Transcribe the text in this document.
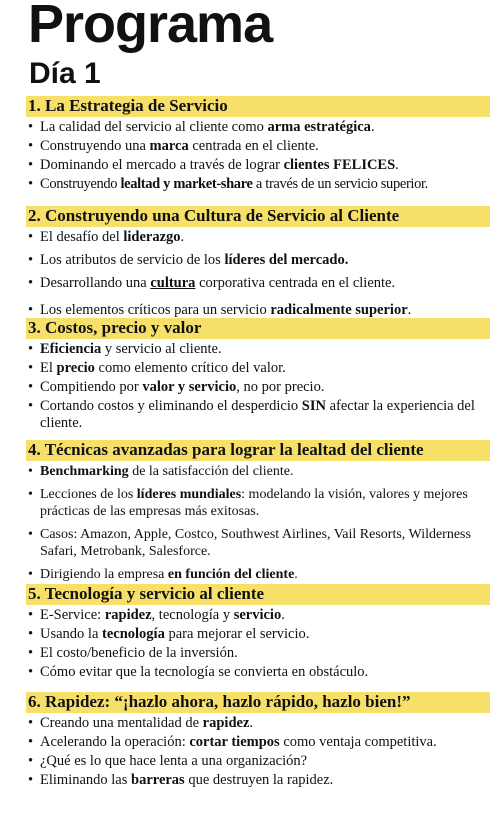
Programa
Día 1
1. La Estrategia de Servicio
• La calidad del servicio al cliente como arma estratégica.
• Construyendo una marca centrada en el cliente.
• Dominando el mercado a través de lograr clientes FELICES.
• Construyendo lealtad y market-share a través de un servicio superior.
2. Construyendo una Cultura de Servicio al Cliente
• El desafío del liderazgo.
• Los atributos de servicio de los líderes del mercado.
• Desarrollando una cultura corporativa centrada en el cliente.
• Los elementos críticos para un servicio radicalmente superior.
3. Costos, precio y valor
• Eficiencia y servicio al cliente.
• El precio como elemento crítico del valor.
• Compitiendo por valor y servicio, no por precio.
• Cortando costos y eliminando el desperdicio SIN afectar la experiencia del cliente.
4. Técnicas avanzadas para lograr la lealtad del cliente
• Benchmarking de la satisfacción del cliente.
• Lecciones de los líderes mundiales: modelando la visión, valores y mejores prácticas de las empresas más exitosas.
• Casos: Amazon, Apple, Costco, Southwest Airlines, Vail Resorts, Wilderness Safari, Metrobank, Salesforce.
• Dirigiendo la empresa en función del cliente.
5. Tecnología y servicio al cliente
• E-Service: rapidez, tecnología y servicio.
• Usando la tecnología para mejorar el servicio.
• El costo/beneficio de la inversión.
• Cómo evitar que la tecnología se convierta en obstáculo.
6. Rapidez: “¡hazlo ahora, hazlo rápido, hazlo bien!”
• Creando una mentalidad de rapidez.
• Acelerando la operación: cortar tiempos como ventaja competitiva.
• ¿Qué es lo que hace lenta a una organización?
• Eliminando las barreras que destruyen la rapidez.
